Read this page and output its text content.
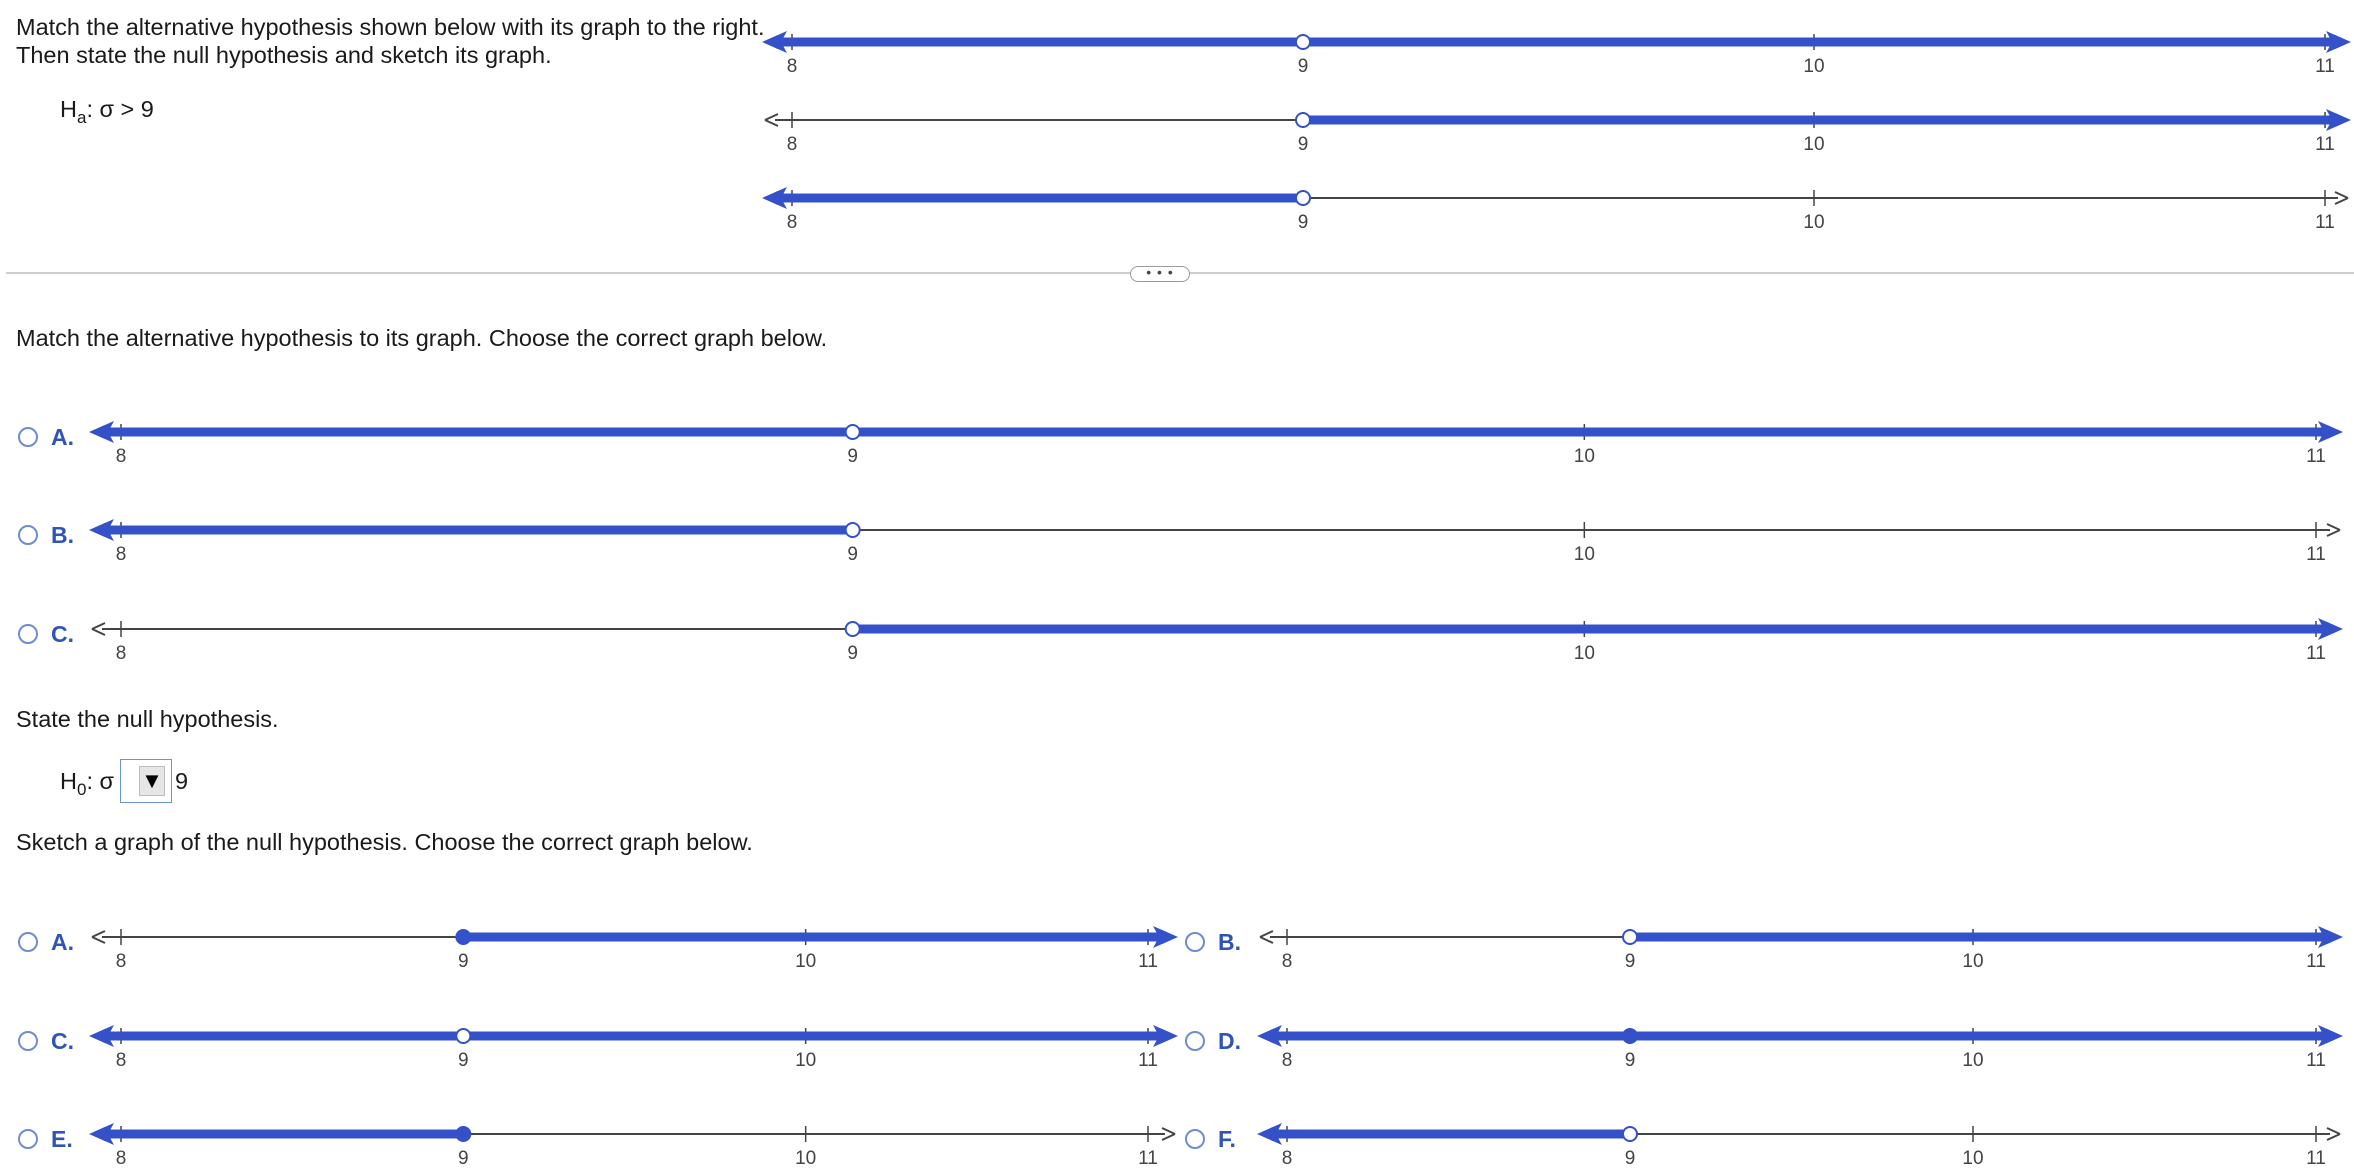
Match the alternative hypothesis shown below with its graph to the right.
Then state the null hypothesis and sketch its graph.
$H_a$: σ > 9
8	9	10	11
8	9	10	11
8	9	10	11
• • •
Match the alternative hypothesis to its graph. Choose the correct graph below.
A.
8	9	10	11
B.
8	9	10	11
C.
8	9	10	11
State the null hypothesis.
$H_0$: σ ▼ 9
Sketch a graph of the null hypothesis. Choose the correct graph below.
A.
8	9	10	11
B.
8	9	10	11
C.
8	9	10	11
D.
8	9	10	11
E.
8	9	10	11
F.
8	9	10	11
